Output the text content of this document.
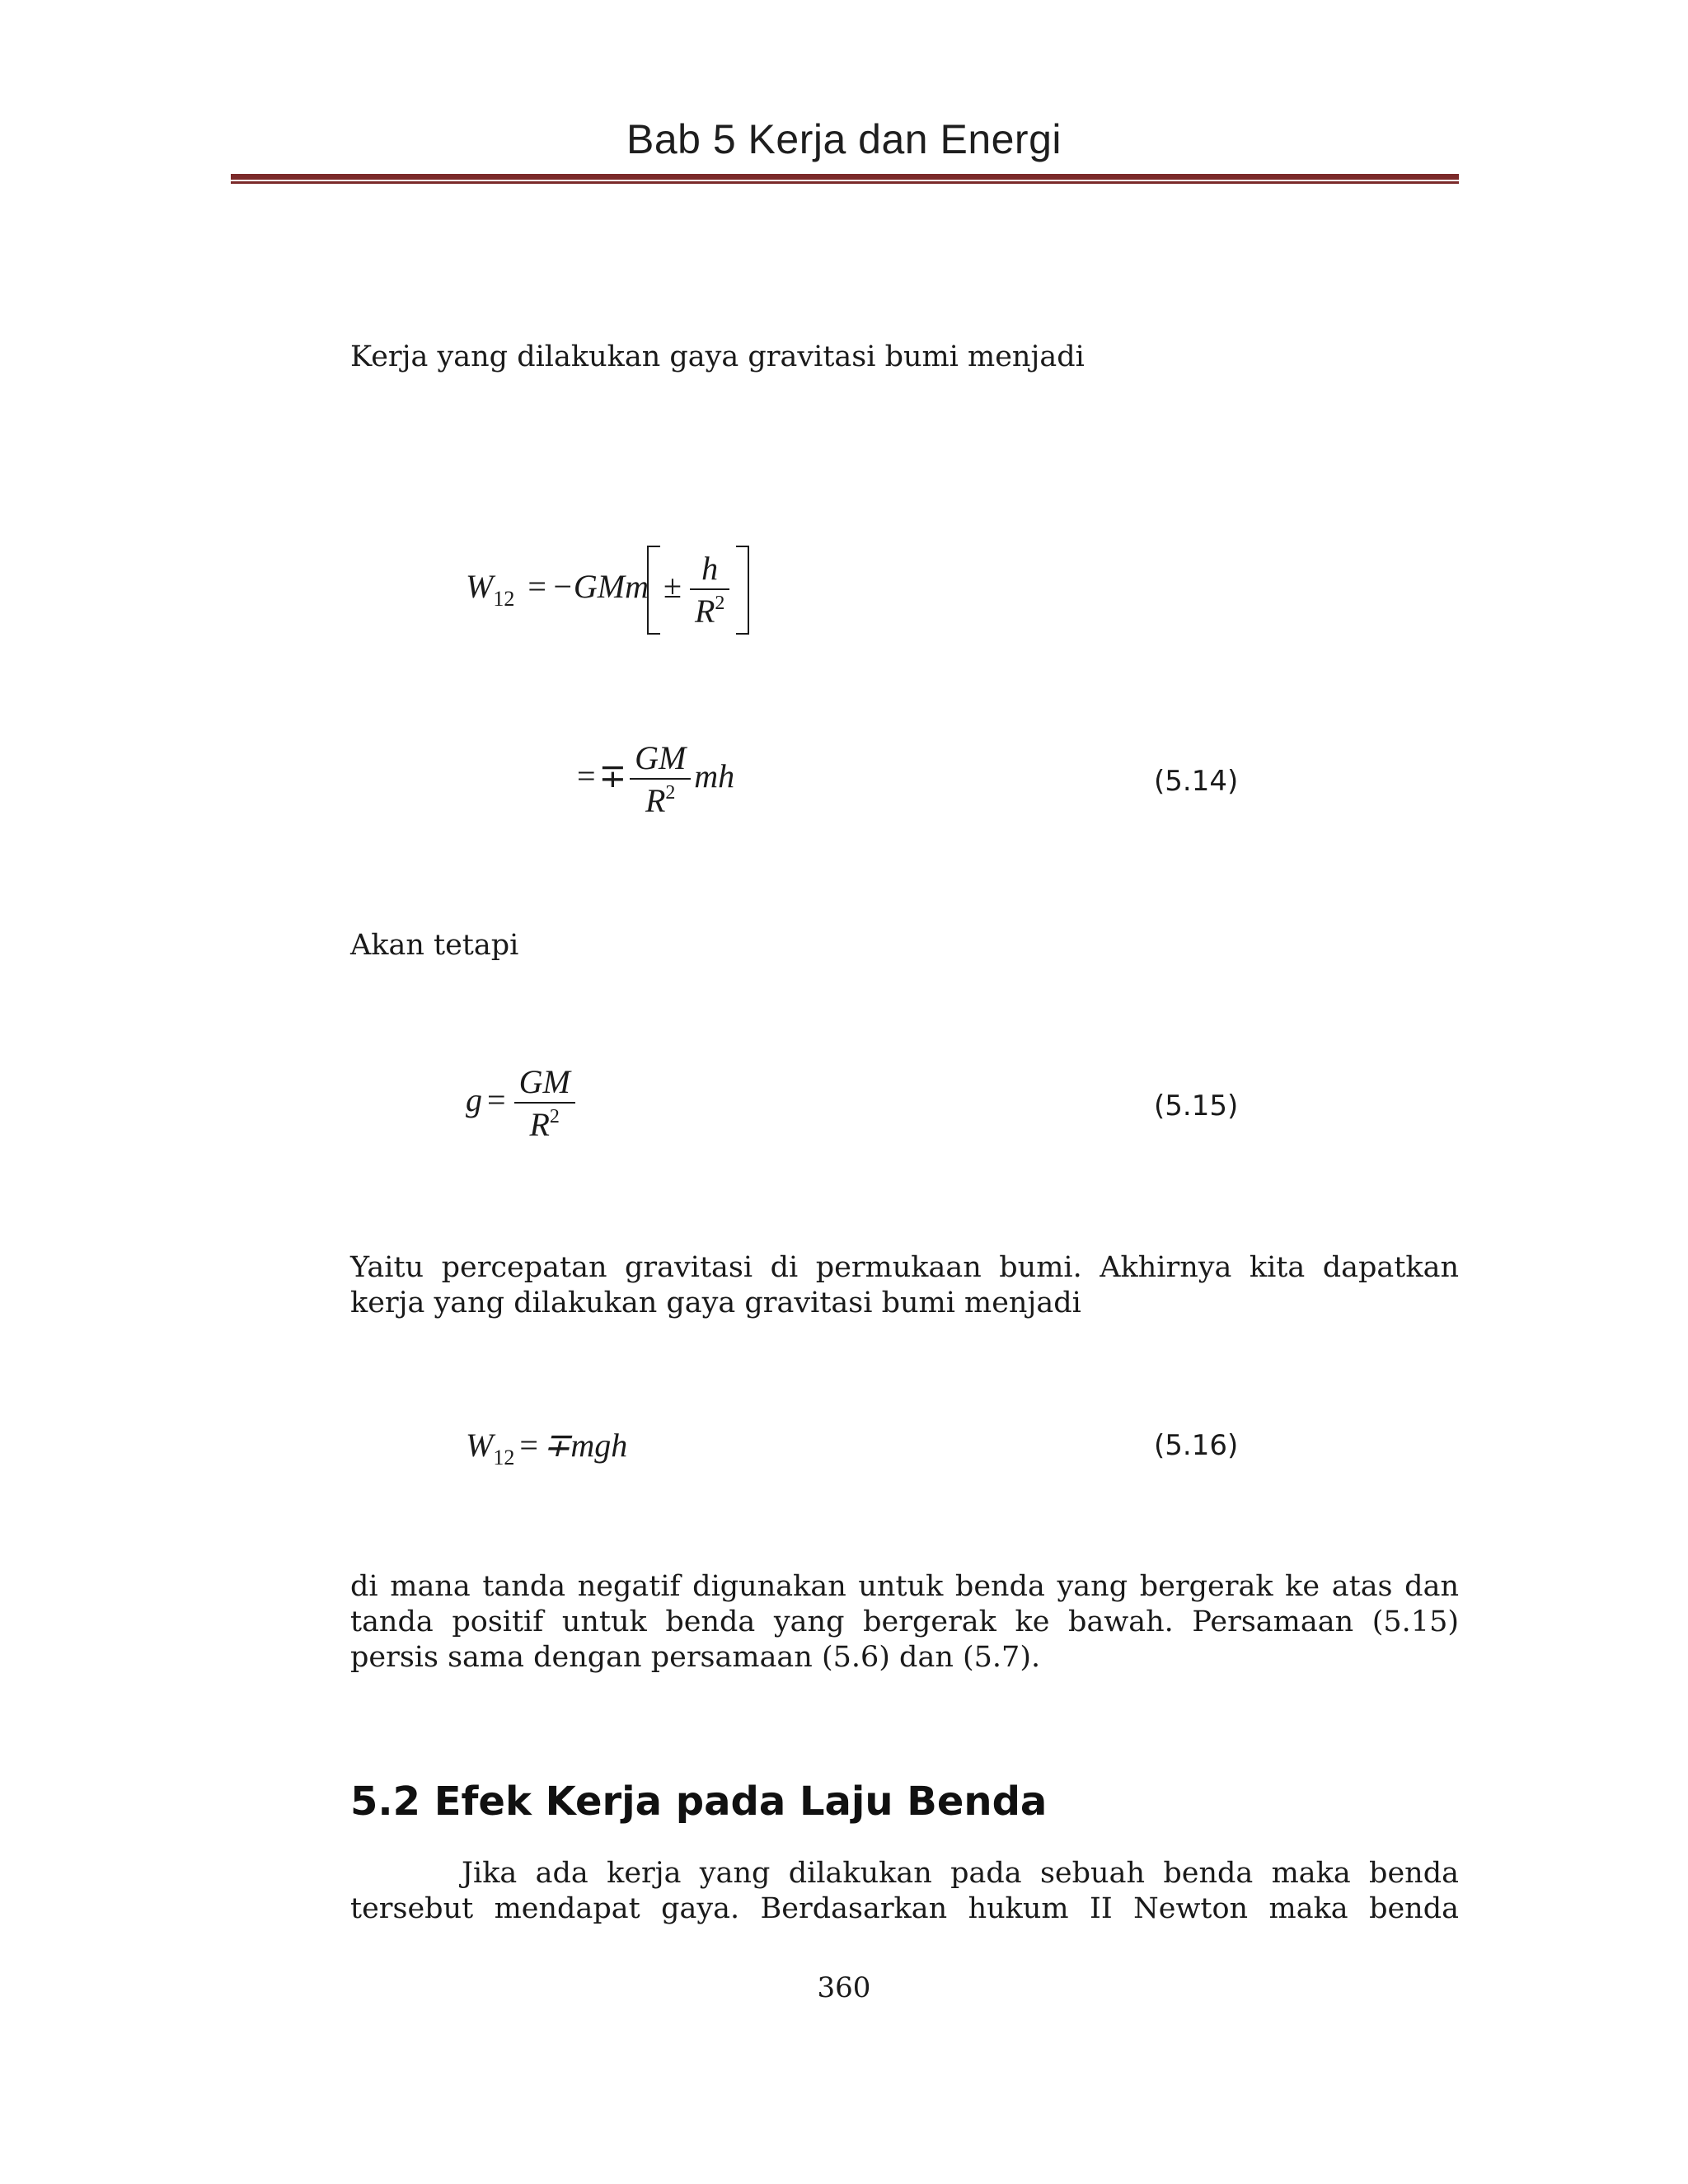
Bab 5 Kerja dan Energi
Kerja yang dilakukan gaya gravitasi bumi menjadi
$W_{12} = -GMm \pm \frac{h}{R^2}$
= ∓ $\frac{GM}{R^2}$ mh	(5.14)
Akan tetapi
$g = \frac{GM}{R^2}$	(5.15)
Yaitu percepatan gravitasi di permukaan bumi. Akhirnya kita dapatkan
kerja yang dilakukan gaya gravitasi bumi menjadi
$W_{12} = \mp mgh$	(5.16)
di mana tanda negatif digunakan untuk benda yang bergerak ke atas dan
tanda positif untuk benda yang bergerak ke bawah. Persamaan (5.15)
persis sama dengan persamaan (5.6) dan (5.7).
5.2 Efek Kerja pada Laju Benda
Jika ada kerja yang dilakukan pada sebuah benda maka benda
tersebut mendapat gaya. Berdasarkan hukum II Newton maka benda
360
